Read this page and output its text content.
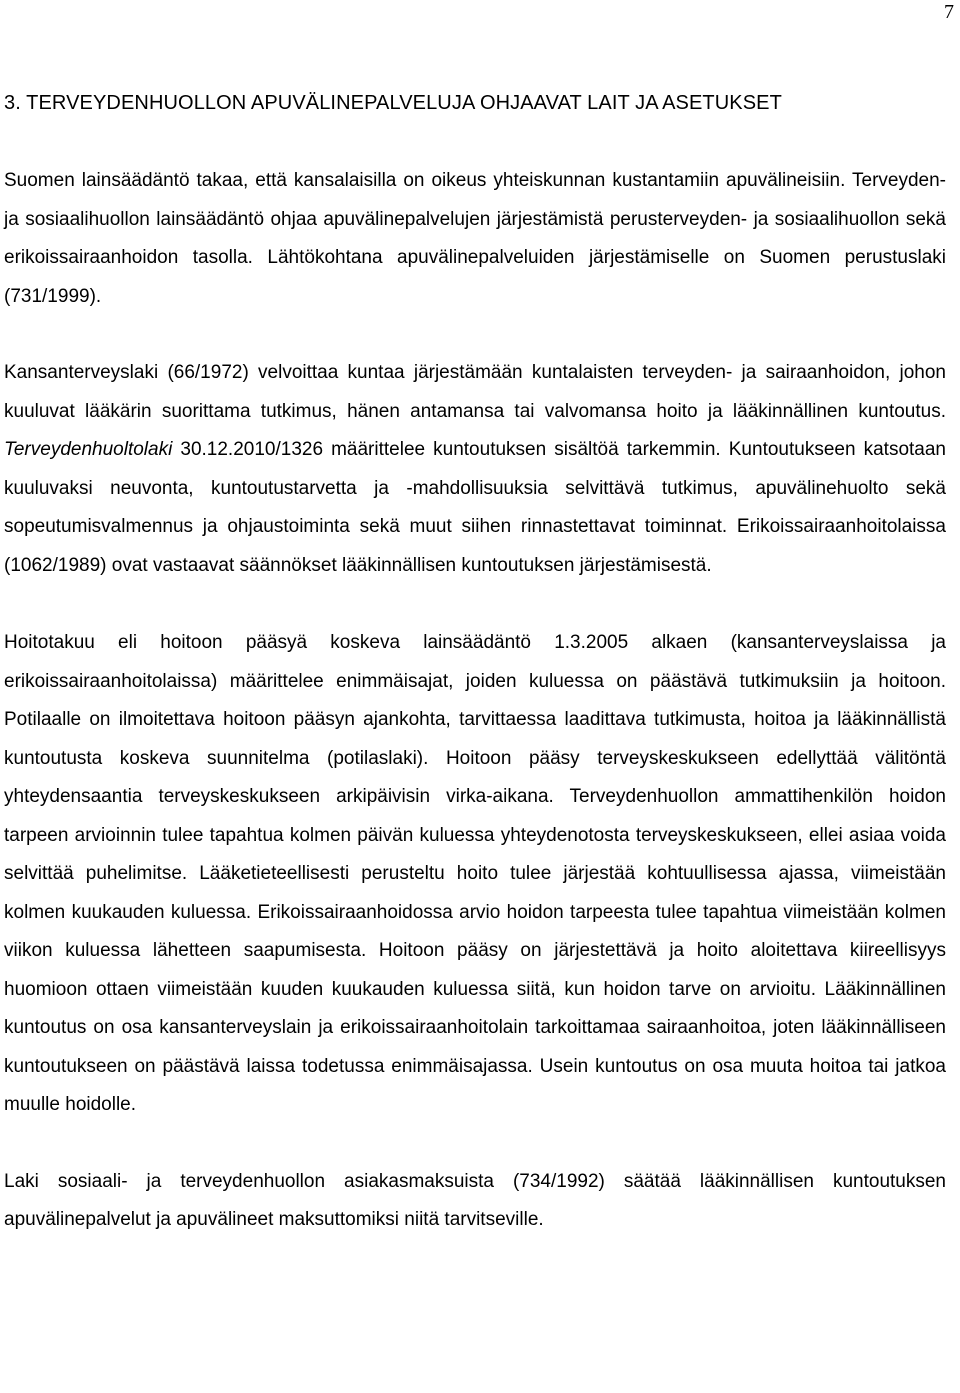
7
3. TERVEYDENHUOLLON APUVÄLINEPALVELUJA OHJAAVAT LAIT JA ASETUKSET

Suomen lainsäädäntö takaa, että kansalaisilla on oikeus yhteiskunnan kustantamiin apuvälineisiin. Terveyden- ja sosiaalihuollon lainsäädäntö ohjaa apuvälinepalvelujen järjestämistä perusterveyden- ja sosiaalihuollon sekä erikoissairaanhoidon tasolla. Lähtökohtana apuvälinepalveluiden järjestämiselle on Suomen perustuslaki (731/1999).

Kansanterveyslaki (66/1972) velvoittaa kuntaa järjestämään kuntalaisten terveyden- ja sairaanhoidon, johon kuuluvat lääkärin suorittama tutkimus, hänen antamansa tai valvomansa hoito ja lääkinnällinen kuntoutus. Terveydenhuoltolaki 30.12.2010/1326 määrittelee kuntoutuksen sisältöä tarkemmin. Kuntoutukseen katsotaan kuuluvaksi neuvonta, kuntoutustarvetta ja -mahdollisuuksia selvittävä tutkimus, apuvälinehuolto sekä sopeutumisvalmennus ja ohjaustoiminta sekä muut siihen rinnastettavat toiminnat. Erikoissairaanhoitolaissa (1062/1989) ovat vastaavat säännökset lääkinnällisen kuntoutuksen järjestämisestä.

Hoitotakuu eli hoitoon pääsyä koskeva lainsäädäntö 1.3.2005 alkaen (kansanterveyslaissa ja erikoissairaanhoitolaissa) määrittelee enimmäisajat, joiden kuluessa on päästävä tutkimuksiin ja hoitoon. Potilaalle on ilmoitettava hoitoon pääsyn ajankohta, tarvittaessa laadittava tutkimusta, hoitoa ja lääkinnällistä kuntoutusta koskeva suunnitelma (potilaslaki). Hoitoon pääsy terveyskeskukseen edellyttää välitöntä yhteydensaantia terveyskeskukseen arkipäivisin virka-aikana. Terveydenhuollon ammattihenkilön hoidon tarpeen arvioinnin tulee tapahtua kolmen päivän kuluessa yhteydenotosta terveyskeskukseen, ellei asiaa voida selvittää puhelimitse. Lääketieteellisesti perusteltu hoito tulee järjestää kohtuullisessa ajassa, viimeistään kolmen kuukauden kuluessa. Erikoissairaanhoidossa arvio hoidon tarpeesta tulee tapahtua viimeistään kolmen viikon kuluessa lähetteen saapumisesta. Hoitoon pääsy on järjestettävä ja hoito aloitettava kiireellisyys huomioon ottaen viimeistään kuuden kuukauden kuluessa siitä, kun hoidon tarve on arvioitu. Lääkinnällinen kuntoutus on osa kansanterveyslain ja erikoissairaanhoitolain tarkoittamaa sairaanhoitoa, joten lääkinnälliseen kuntoutukseen on päästävä laissa todetussa enimmäisajassa. Usein kuntoutus on osa muuta hoitoa tai jatkoa muulle hoidolle.

Laki sosiaali- ja terveydenhuollon asiakasmaksuista (734/1992) säätää lääkinnällisen kuntoutuksen apuvälinepalvelut ja apuvälineet maksuttomiksi niitä tarvitseville.
